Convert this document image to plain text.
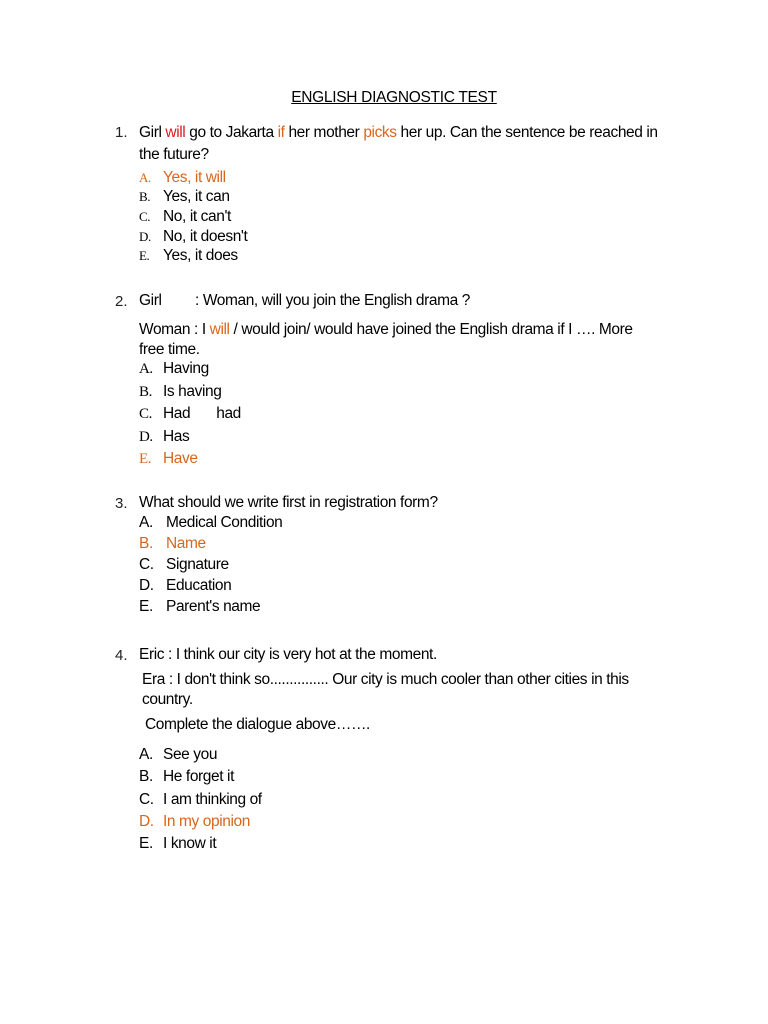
ENGLISH DIAGNOSTIC TEST
1. Girl will go to Jakarta if her mother picks her up. Can the sentence be reached in
the future?
A. Yes, it will
B. Yes, it can
C. No, it can't
D. No, it doesn't
E. Yes, it does
2. Girl : Woman, will you join the English drama ?
Woman : I will / would join/ would have joined the English drama if I …. More
free time.
A. Having
B. Is having
C. Had had
D. Has
E. Have
3. What should we write first in registration form?
A. Medical Condition
B. Name
C. Signature
D. Education
E. Parent's name
4. Eric : I think our city is very hot at the moment.
Era : I don't think so............... Our city is much cooler than other cities in this
country.
Complete the dialogue above…….
A. See you
B. He forget it
C. I am thinking of
D. In my opinion
E. I know it
